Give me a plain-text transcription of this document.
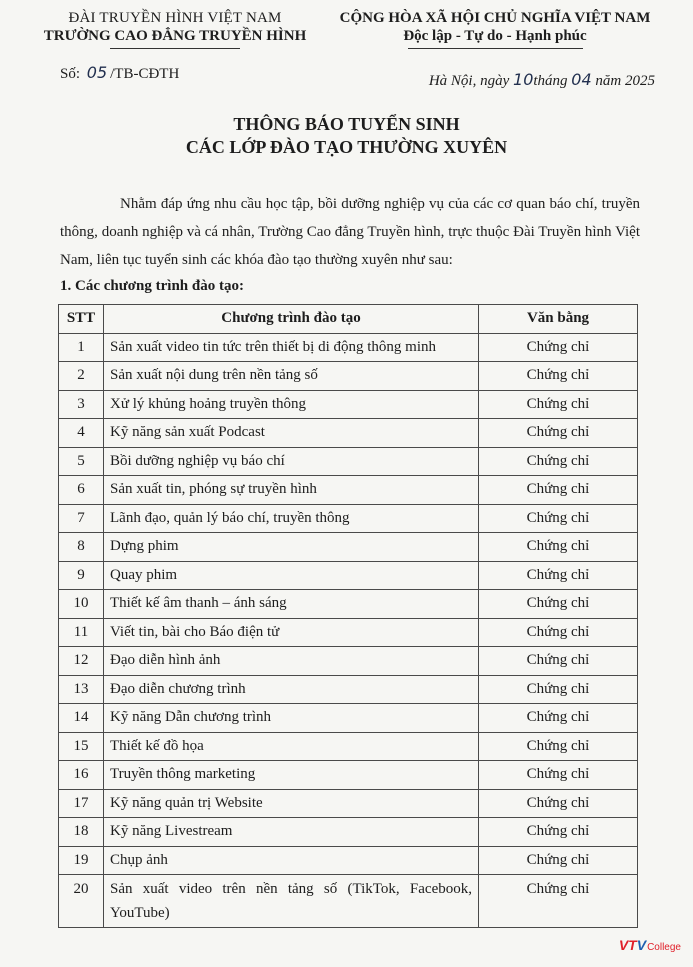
ĐÀI TRUYỀN HÌNH VIỆT NAM
TRƯỜNG CAO ĐẲNG TRUYỀN HÌNH
CỘNG HÒA XÃ HỘI CHỦ NGHĨA VIỆT NAM
Độc lập - Tự do - Hạnh phúc
Số: 05 /TB-CĐTH	Hà Nội, ngày 10tháng 04 năm 2025
THÔNG BÁO TUYỂN SINH
CÁC LỚP ĐÀO TẠO THƯỜNG XUYÊN
Nhằm đáp ứng nhu cầu học tập, bồi dưỡng nghiệp vụ của các cơ quan báo chí, truyền thông, doanh nghiệp và cá nhân, Trường Cao đẳng Truyền hình, trực thuộc Đài Truyền hình Việt Nam, liên tục tuyển sinh các khóa đào tạo thường xuyên như sau:
1. Các chương trình đào tạo:
STT	Chương trình đào tạo	Văn bằng
1	Sản xuất video tin tức trên thiết bị di động thông minh	Chứng chỉ
2	Sản xuất nội dung trên nền tảng số	Chứng chỉ
3	Xử lý khủng hoảng truyền thông	Chứng chỉ
4	Kỹ năng sản xuất Podcast	Chứng chỉ
5	Bồi dưỡng nghiệp vụ báo chí	Chứng chỉ
6	Sản xuất tin, phóng sự truyền hình	Chứng chỉ
7	Lãnh đạo, quản lý báo chí, truyền thông	Chứng chỉ
8	Dựng phim	Chứng chỉ
9	Quay phim	Chứng chỉ
10	Thiết kế âm thanh – ánh sáng	Chứng chỉ
11	Viết tin, bài cho Báo điện tử	Chứng chỉ
12	Đạo diễn hình ảnh	Chứng chỉ
13	Đạo diễn chương trình	Chứng chỉ
14	Kỹ năng Dẫn chương trình	Chứng chỉ
15	Thiết kế đồ họa	Chứng chỉ
16	Truyền thông marketing	Chứng chỉ
17	Kỹ năng quản trị Website	Chứng chỉ
18	Kỹ năng Livestream	Chứng chỉ
19	Chụp ảnh	Chứng chỉ
20	Sản xuất video trên nền tảng số (TikTok, Facebook, YouTube)	Chứng chỉ
VT V College
